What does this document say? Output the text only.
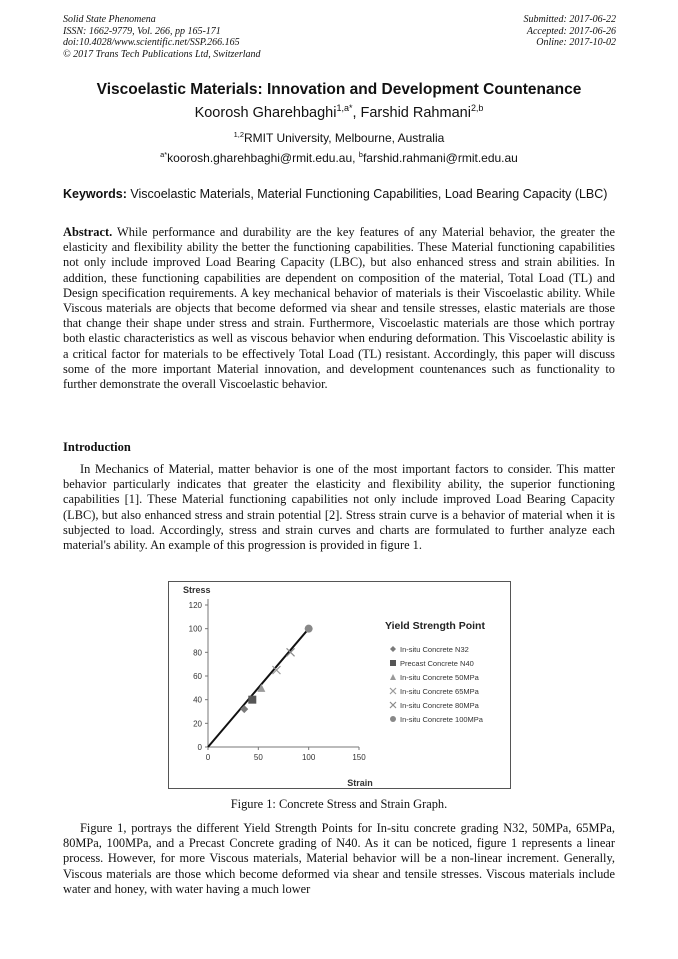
Solid State Phenomena
ISSN: 1662-9779, Vol. 266, pp 165-171
doi:10.4028/www.scientific.net/SSP.266.165
© 2017 Trans Tech Publications Ltd, Switzerland
Submitted: 2017-06-22
Accepted: 2017-06-26
Online: 2017-10-02
Viscoelastic Materials: Innovation and Development Countenance
Koorosh Gharehbaghi$^{1,a*}$, Farshid Rahmani$^{2,b}$
$^{1,2}$RMIT University, Melbourne, Australia
$^{a*}$koorosh.gharehbaghi@rmit.edu.au, $^b$farshid.rahmani@rmit.edu.au
Keywords: Viscoelastic Materials, Material Functioning Capabilities, Load Bearing Capacity (LBC)

Abstract. While performance and durability are the key features of any Material behavior, the greater the elasticity and flexibility ability the better the functioning capabilities. These Material functioning capabilities not only include improved Load Bearing Capacity (LBC), but also enhanced stress and strain abilities. In addition, these functioning capabilities are dependent on composition of the material, Total Load (TL) and Design specification requirements. A key mechanical behavior of materials is their Viscoelastic ability. While Viscous materials are objects that become deformed via shear and tensile stresses, elastic materials are those that change their shape under stress and strain. Furthermore, Viscoelastic materials are those which portray both elastic characteristics as well as viscous behavior when enduring deformation. This Viscoelastic ability is a critical factor for materials to be effectively Total Load (TL) resistant. Accordingly, this paper will discuss some of the more important Material innovation, and development countenances such as functionality to further demonstrate the overall Viscoelastic behavior.

Introduction

In Mechanics of Material, matter behavior is one of the most important factors to consider. This matter behavior particularly indicates that greater the elasticity and flexibility ability, the superior functioning capabilities [1]. These Material functioning capabilities not only include improved Load Bearing Capacity (LBC), but also enhanced stress and strain potential [2]. Stress strain curve is a behavior of material when it is subjected to load. Accordingly, stress and strain curves and charts are formulated to further analyze each material's ability. An example of this progression is provided in figure 1.

0
20
40
60
80
100
120
0	50	100	150
Stress
Strain
Yield Strength Point
In-situ Concrete N32
Precast Concrete N40
In-situ Concrete 50MPa
In-situ Concrete 65MPa
In-situ Concrete 80MPa
In-situ Concrete 100MPa
Figure 1: Concrete Stress and Strain Graph.

Figure 1, portrays the different Yield Strength Points for In-situ concrete grading N32, 50MPa, 65MPa, 80MPa, 100MPa, and a Precast Concrete grading of N40. As it can be noticed, figure 1 represents a linear process. However, for more Viscous materials, Material behavior will be a non-linear increment. Generally, Viscous materials are those which become deformed via shear and tensile stresses. Viscous materials include water and honey, with water having a much lower
